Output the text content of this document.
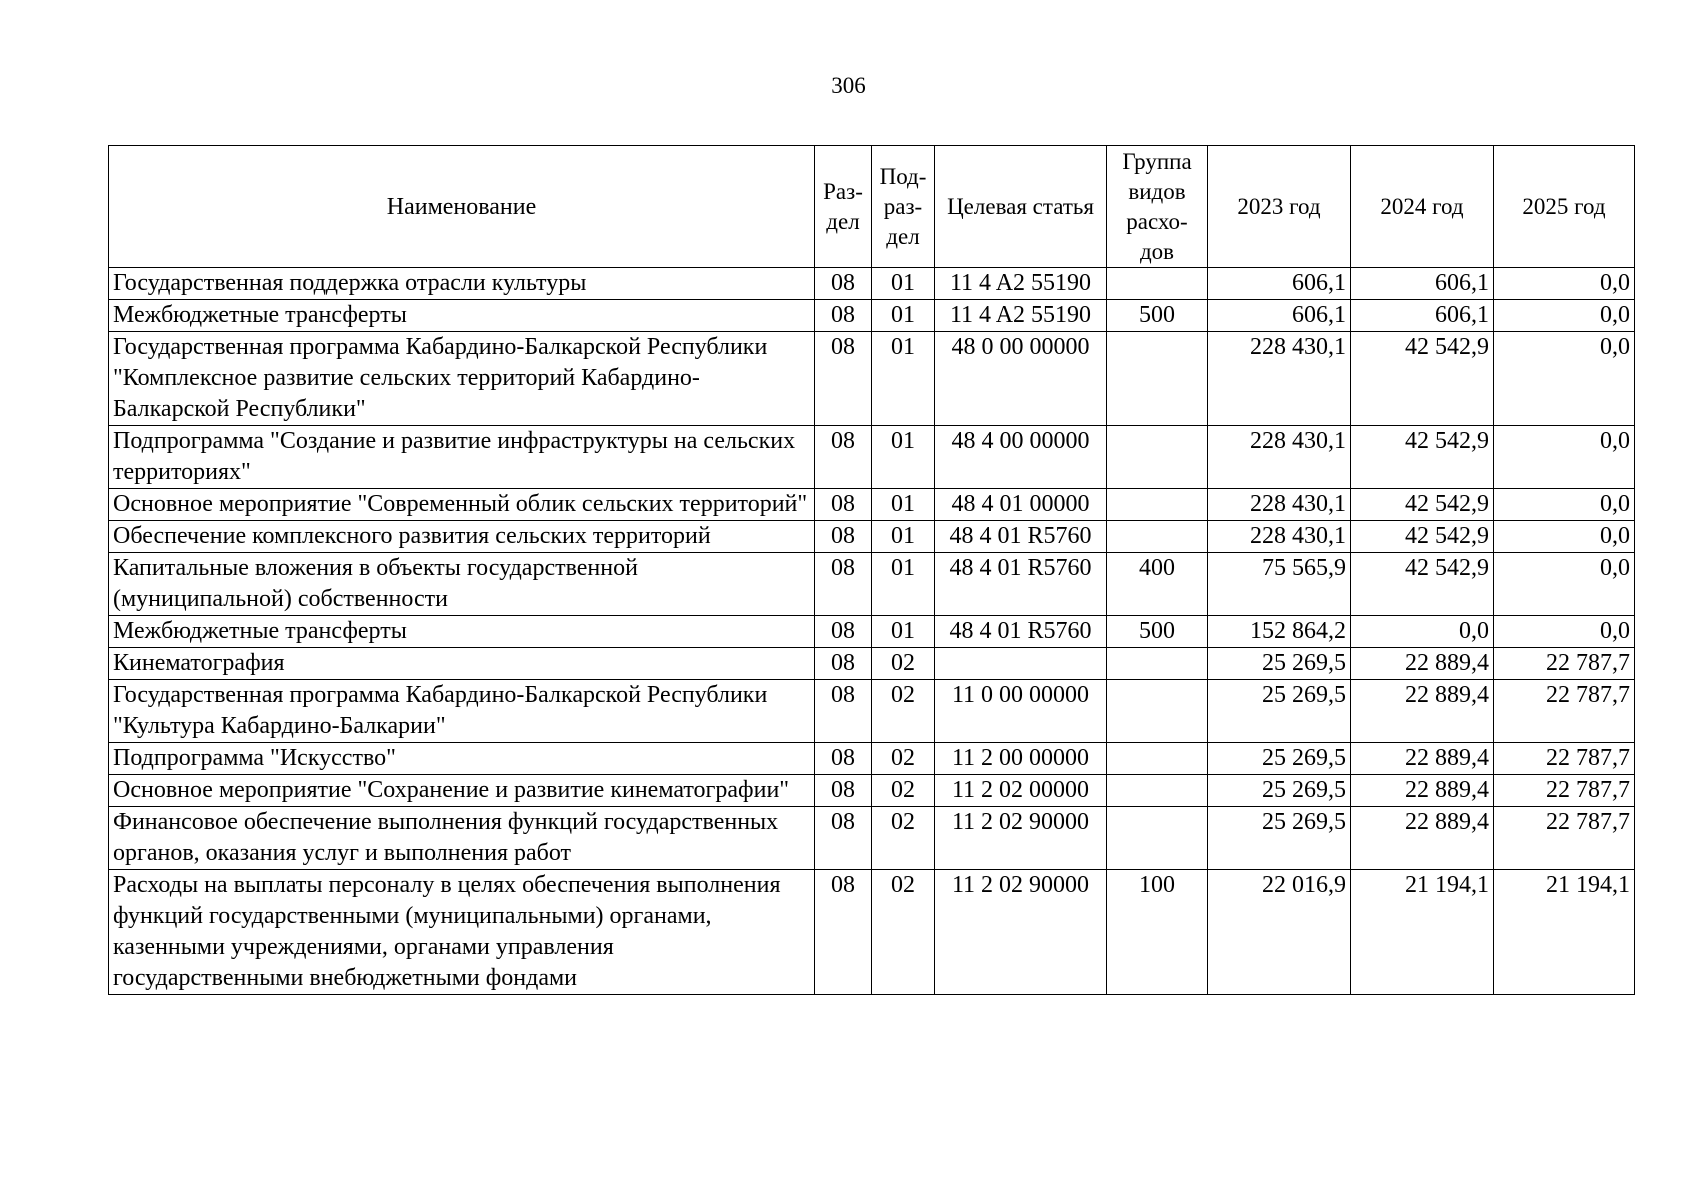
306
Наименование	Раз- дел	Под- раз- дел	Целевая статья	Группа видов расхо- дов	2023 год	2024 год	2025 год
Государственная поддержка отрасли культуры	08	01	11 4 A2 55190		606,1	606,1	0,0
Межбюджетные трансферты	08	01	11 4 A2 55190	500	606,1	606,1	0,0
Государственная программа Кабардино-Балкарской Республики "Комплексное развитие сельских территорий Кабардино-Балкарской Республики"	08	01	48 0 00 00000		228 430,1	42 542,9	0,0
Подпрограмма "Создание и развитие инфраструктуры на сельских территориях"	08	01	48 4 00 00000		228 430,1	42 542,9	0,0
Основное мероприятие "Современный облик сельских территорий"	08	01	48 4 01 00000		228 430,1	42 542,9	0,0
Обеспечение комплексного развития сельских территорий	08	01	48 4 01 R5760		228 430,1	42 542,9	0,0
Капитальные вложения в объекты государственной (муниципальной) собственности	08	01	48 4 01 R5760	400	75 565,9	42 542,9	0,0
Межбюджетные трансферты	08	01	48 4 01 R5760	500	152 864,2	0,0	0,0
Кинематография	08	02			25 269,5	22 889,4	22 787,7
Государственная программа Кабардино-Балкарской Республики "Культура Кабардино-Балкарии"	08	02	11 0 00 00000		25 269,5	22 889,4	22 787,7
Подпрограмма "Искусство"	08	02	11 2 00 00000		25 269,5	22 889,4	22 787,7
Основное мероприятие "Сохранение и развитие кинематографии"	08	02	11 2 02 00000		25 269,5	22 889,4	22 787,7
Финансовое обеспечение выполнения функций государственных органов, оказания услуг и выполнения работ	08	02	11 2 02 90000		25 269,5	22 889,4	22 787,7
Расходы на выплаты персоналу в целях обеспечения выполнения функций государственными (муниципальными) органами, казенными учреждениями, органами управления государственными внебюджетными фондами	08	02	11 2 02 90000	100	22 016,9	21 194,1	21 194,1
